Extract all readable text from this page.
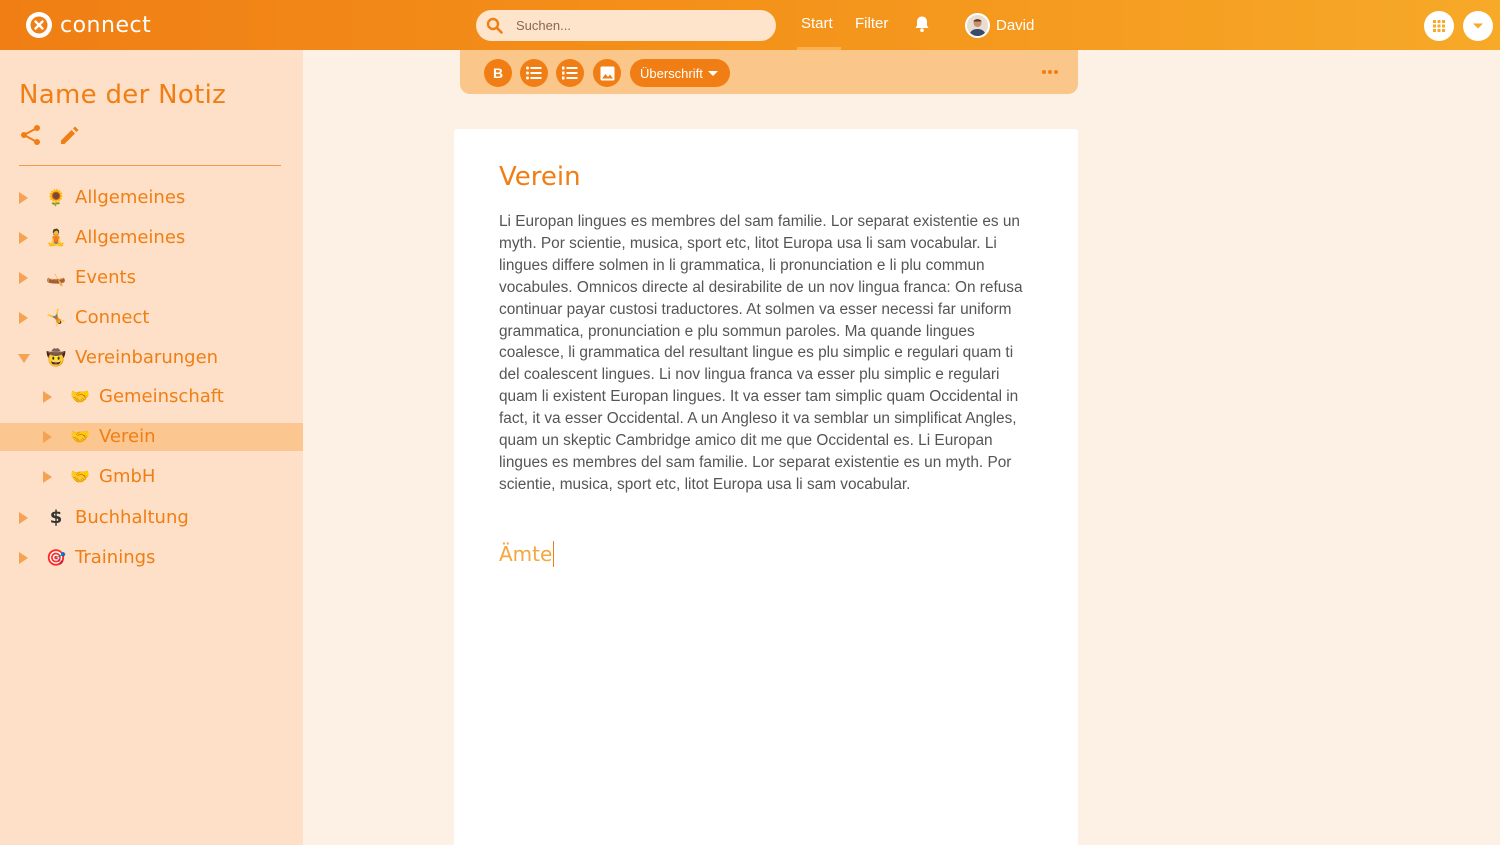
connect
Suchen...	Start Filter	David
Name der Notiz
🌻 Allgemeines
🧘 Allgemeines
🛶 Events
🤸 Connect
🤠 Vereinbarungen
🤝 Gemeinschaft
🤝 Verein
🤝 GmbH
$ Buchhaltung
🎯 Trainings
B	Überschrift
Verein
Li Europan lingues es membres del sam familie. Lor separat existentie es un myth. Por scientie, musica, sport etc, litot Europa usa li sam vocabular. Li lingues differe solmen in li grammatica, li pronunciation e li plu commun vocabules. Omnicos directe al desirabilite de un nov lingua franca: On refusa continuar payar custosi traductores. At solmen va esser necessi far uniform grammatica, pronunciation e plu sommun paroles. Ma quande lingues coalesce, li grammatica del resultant lingue es plu simplic e regulari quam ti del coalescent lingues. Li nov lingua franca va esser plu simplic e regulari quam li existent Europan lingues. It va esser tam simplic quam Occidental in fact, it va esser Occidental. A un Angleso it va semblar un simplificat Angles, quam un skeptic Cambridge amico dit me que Occidental es. Li Europan lingues es membres del sam familie. Lor separat existentie es un myth. Por scientie, musica, sport etc, litot Europa usa li sam vocabular.
Ämte
